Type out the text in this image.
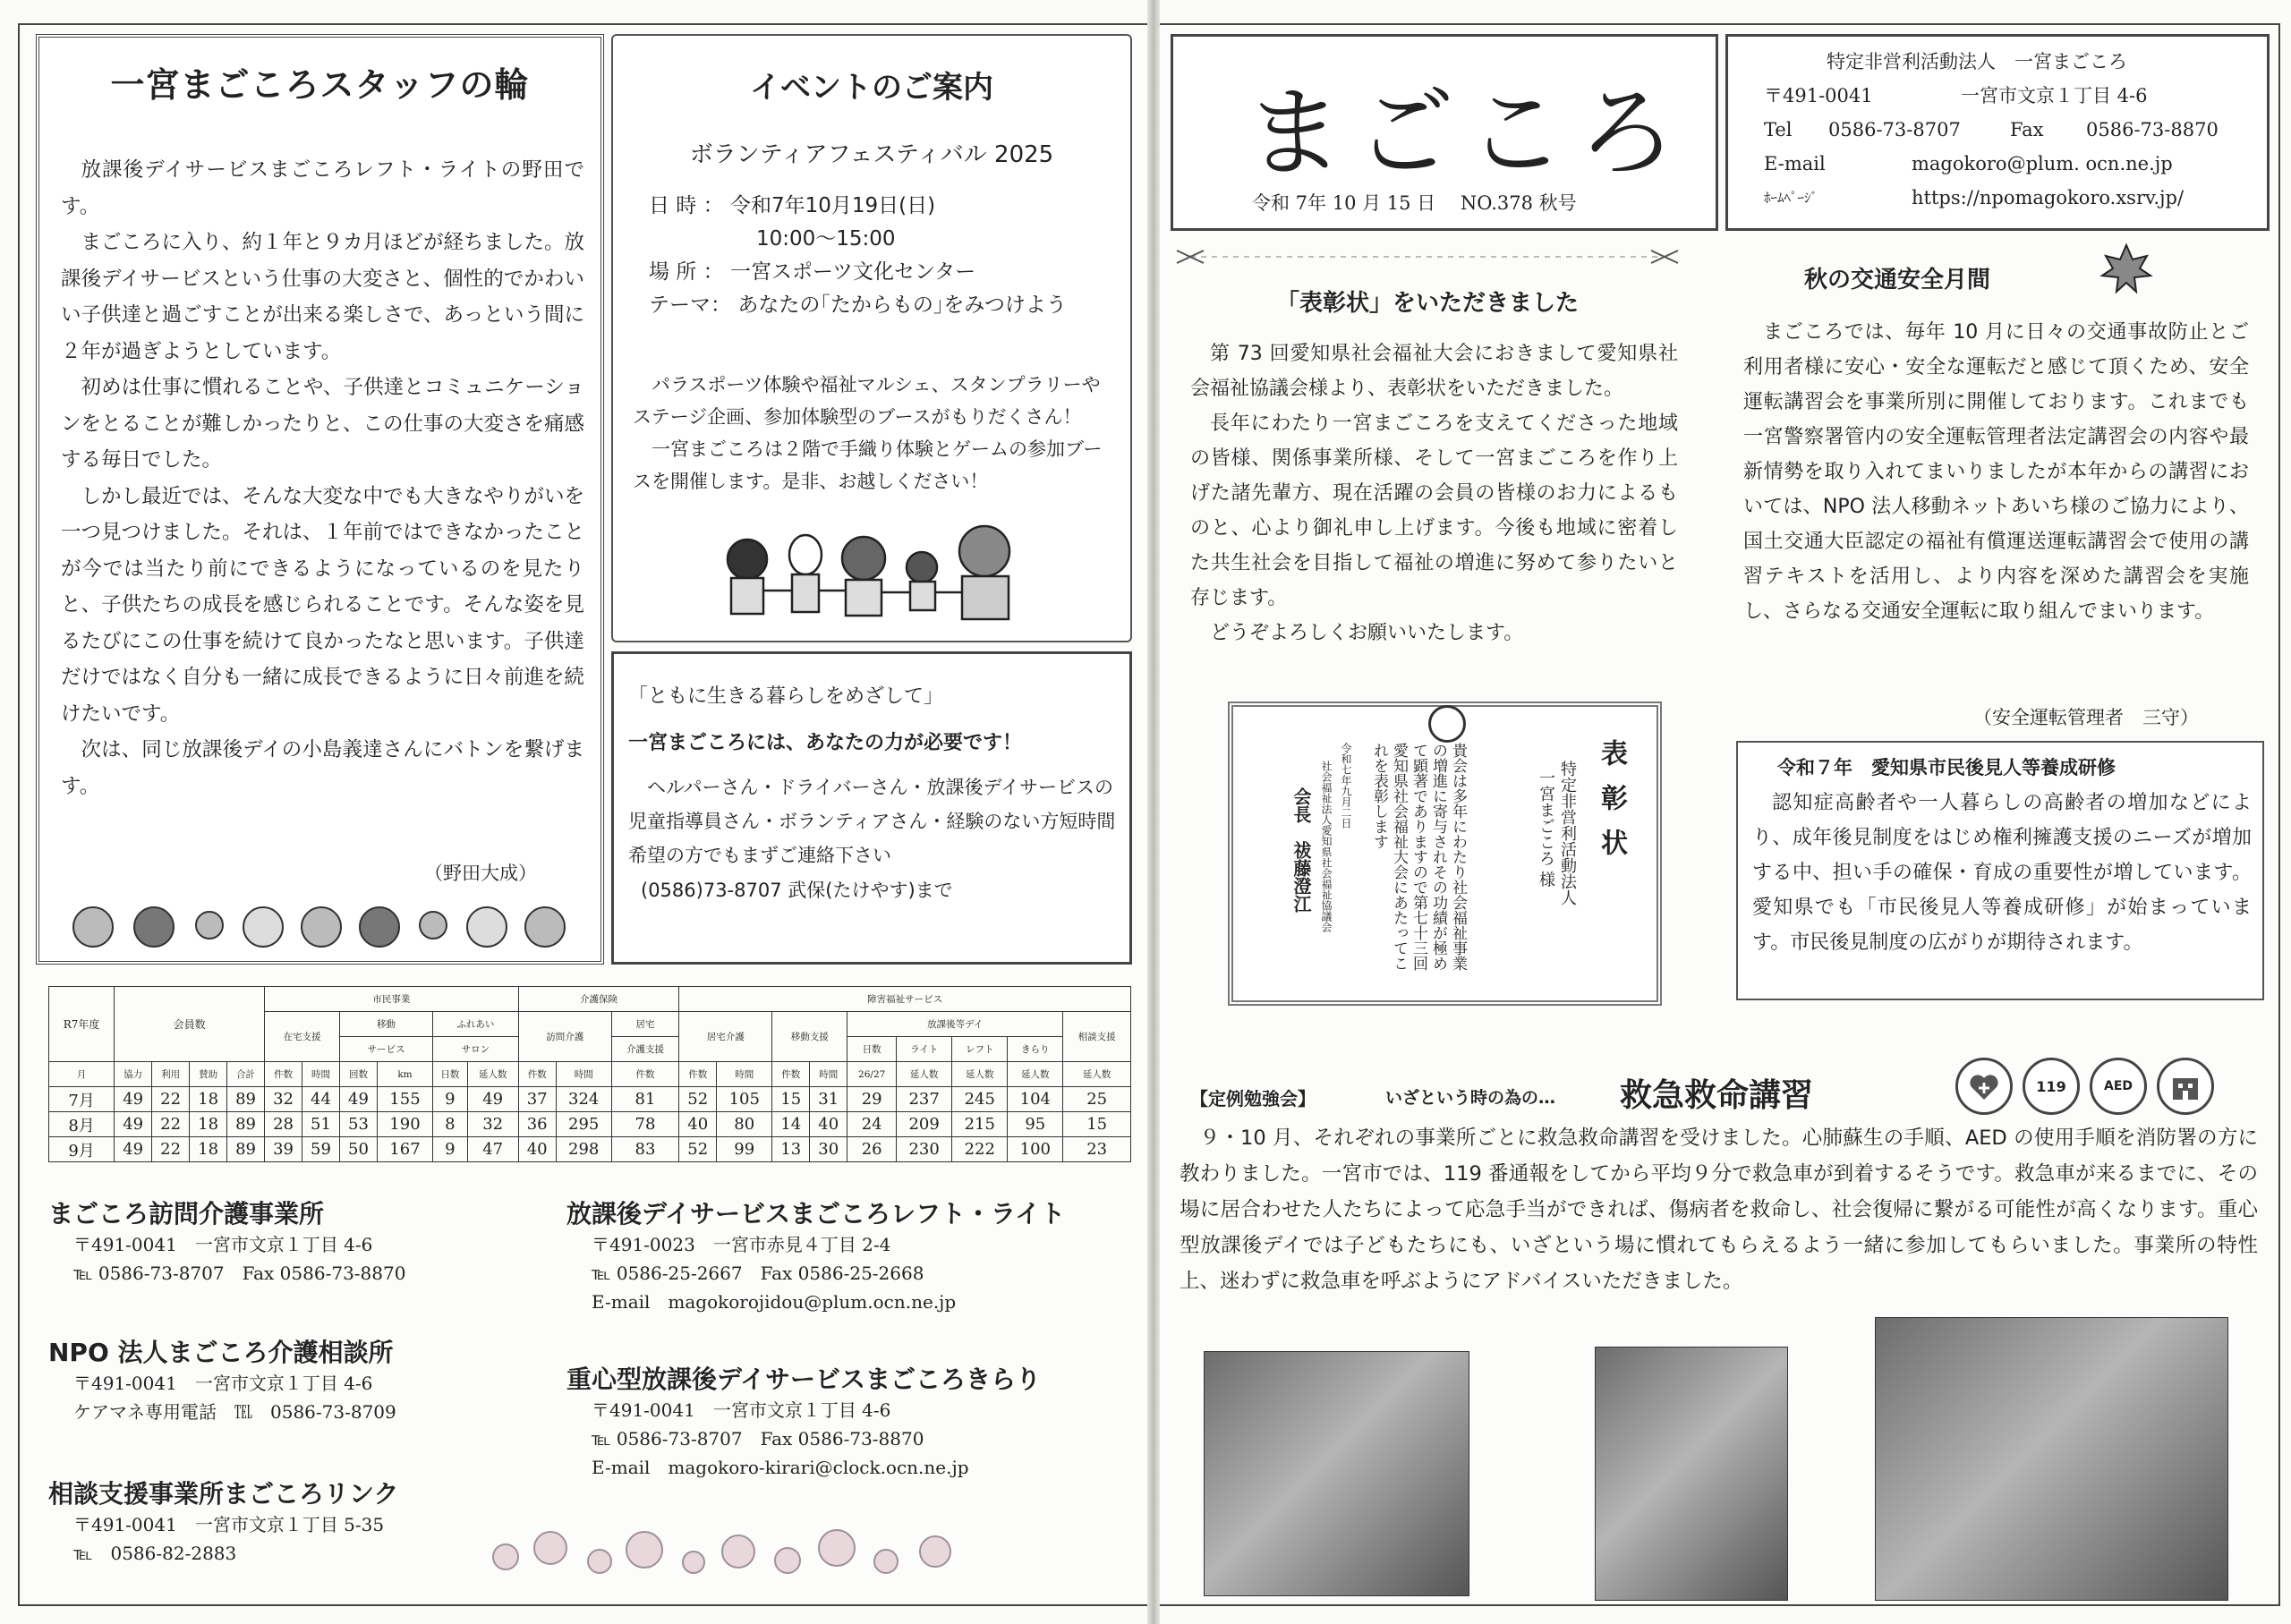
一宮まごころスタッフの輪

放課後デイサービスまごころレフト・ライトの野田です。

まごころに入り、約１年と９カ月ほどが経ちました。放課後デイサービスという仕事の大変さと、個性的でかわいい子供達と過ごすことが出来る楽しさで、あっという間に２年が過ぎようとしています。

初めは仕事に慣れることや、子供達とコミュニケーションをとることが難しかったりと、この仕事の大変さを痛感する毎日でした。

しかし最近では、そんな大変な中でも大きなやりがいを一つ見つけました。それは、１年前ではできなかったことが今では当たり前にできるようになっているのを見たりと、子供たちの成長を感じられることです。そんな姿を見るたびにこの仕事を続けて良かったなと思います。子供達だけではなく自分も一緒に成長できるように日々前進を続けたいです。

次は、同じ放課後デイの小島義達さんにバトンを繋げます。

（野田大成）
イベントのご案内
ボランティアフェスティバル 2025
日 時 ： 令和7年10月19日(日)
10:00～15:00
場 所 ： 一宮スポーツ文化センター
テーマ： あなたの｢たからもの｣をみつけよう

パラスポーツ体験や福祉マルシェ、スタンプラリーやステージ企画、参加体験型のブースがもりだくさん！

一宮まごころは２階で手織り体験とゲームの参加ブースを開催します。是非、お越しください！

「ともに生きる暮らしをめざして」
一宮まごころには、あなたの力が必要です！
ヘルパーさん・ドライバーさん・放課後デイサービスの児童指導員さん・ボランティアさん・経験のない方短時間希望の方でもまずご連絡下さい
(0586)73-8707 武保(たけやす)まで
R7年度	会員数				市民事業						介護保険			障害福祉サービス								
					在宅支援		移動		ふれあい		訪問介護		居宅	居宅介護		移動支援		放課後等デイ				相談支援
							サービス		サロン				介護支援					日数	ライト	レフト	きらり	
月	協力	利用	賛助	合計	件数	時間	回数	km	日数	延人数	件数	時間	件数	件数	時間	件数	時間	26/27	延人数	延人数	延人数	延人数
7月	49	22	18	89	32	44	49	155	9	49	37	324	81	52	105	15	31	29	237	245	104	25
8月	49	22	18	89	28	51	53	190	8	32	36	295	78	40	80	14	40	24	209	215	95	15
9月	49	22	18	89	39	59	50	167	9	47	40	298	83	52	99	13	30	26	230	222	100	23
まごころ訪問介護事業所
〒491-0041　一宮市文京１丁目 4-6
℡ 0586-73-8707　Fax 0586-73-8870
NPO 法人まごころ介護相談所
〒491-0041　一宮市文京１丁目 4-6
ケアマネ専用電話　℡　0586-73-8709
相談支援事業所まごころリンク
〒491-0041　一宮市文京１丁目 5-35
℡　0586-82-2883
放課後デイサービスまごころレフト・ライト
〒491-0023　一宮市赤見４丁目 2-4
℡ 0586-25-2667　Fax 0586-25-2668
E-mail　magokorojidou@plum.ocn.ne.jp
重心型放課後デイサービスまごころきらり
〒491-0041　一宮市文京１丁目 4-6
℡ 0586-73-8707　Fax 0586-73-8870
E-mail　magokoro-kirari@clock.ocn.ne.jp
まごころ
令和 7年 10 月 15 日　 NO.378 秋号
特定非営利活動法人　一宮まごころ
〒491-0041	一宮市文京１丁目 4-6
Tel 0586-73-8707	Fax 0586-73-8870
E-mail	magokoro@plum. ocn.ne.jp
ﾎｰﾑﾍﾟｰｼﾞ	https://npomagokoro.xsrv.jp/
「表彰状」をいただきました

第 73 回愛知県社会福祉大会におきまして愛知県社会福祉協議会様より、表彰状をいただきました。

長年にわたり一宮まごころを支えてくださった地域の皆様、関係事業所様、そして一宮まごころを作り上げた諸先輩方、現在活躍の会員の皆様のお力によるものと、心より御礼申し上げます。今後も地域に密着した共生社会を目指して福祉の増進に努めて参りたいと存じます。

どうぞよろしくお願いいたします。

表彰状
特定非営利活動法人
一宮まごころ 様
貴会は多年にわたり社会福祉事業の増進に寄与されその功績が極めて顕著でありますので第七十三回愛知県社会福祉大会にあたってこれを表彰します
令和七年九月二日
社会福祉法人愛知県社会福祉協議会
会長　祓藤澄江
秋の交通安全月間

まごころでは、毎年 10 月に日々の交通事故防止とご利用者様に安心・安全な運転だと感じて頂くため、安全運転講習会を事業所別に開催しております。これまでも一宮警察署管内の安全運転管理者法定講習会の内容や最新情勢を取り入れてまいりましたが本年からの講習においては、NPO 法人移動ネットあいち様のご協力により、国土交通大臣認定の福祉有償運送運転講習会で使用の講習テキストを活用し、より内容を深めた講習会を実施し、さらなる交通安全運転に取り組んでまいります。

（安全運転管理者　三守）
令和７年　愛知県市民後見人等養成研修

認知症高齢者や一人暮らしの高齢者の増加などにより、成年後見制度をはじめ権利擁護支援のニーズが増加する中、担い手の確保・育成の重要性が増しています。愛知県でも「市民後見人等養成研修」が始まっています。市民後見制度の広がりが期待されます。

【定例勉強会】	いざという時の為の… 救急救命講習	119	AED

９・10 月、それぞれの事業所ごとに救急救命講習を受けました。心肺蘇生の手順、AED の使用手順を消防署の方に教わりました。一宮市では、119 番通報をしてから平均９分で救急車が到着するそうです。救急車が来るまでに、その場に居合わせた人たちによって応急手当ができれば、傷病者を救命し、社会復帰に繋がる可能性が高くなります。重心型放課後デイでは子どもたちにも、いざという場に慣れてもらえるよう一緒に参加してもらいました。事業所の特性上、迷わずに救急車を呼ぶようにアドバイスいただきました。
